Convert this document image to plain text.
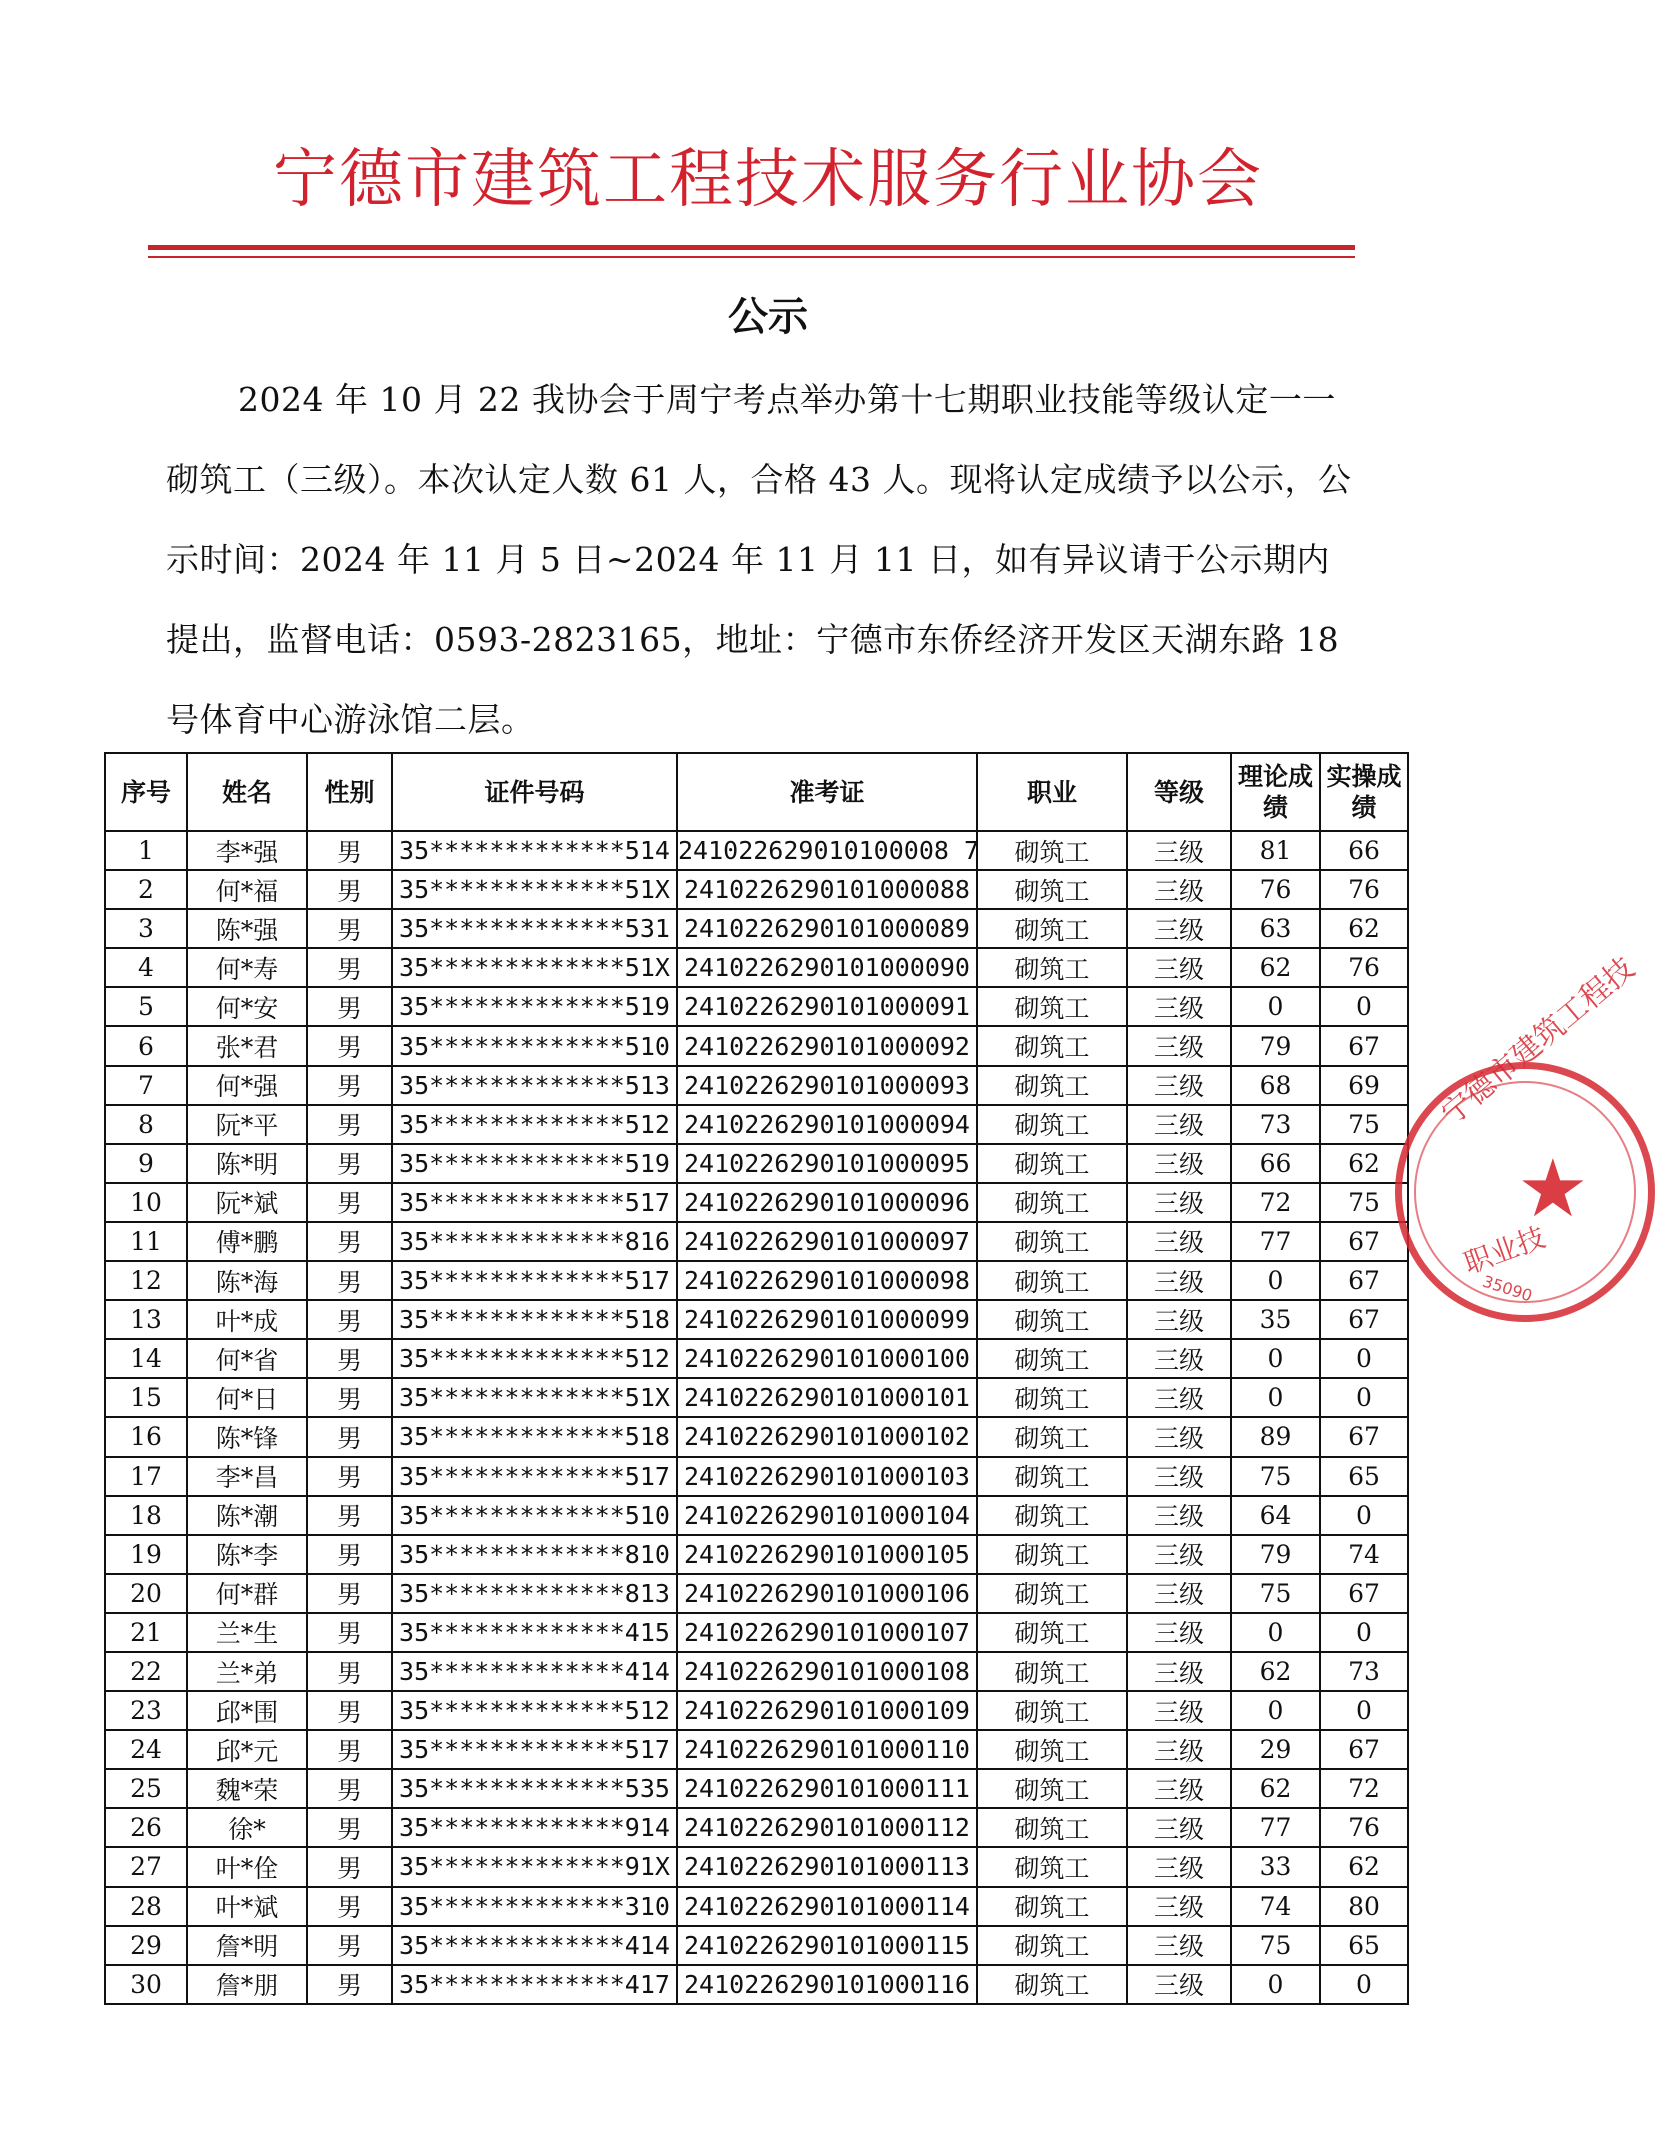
宁德市建筑工程技术服务行业协会
公示

2024 年 10 月 22 我协会于周宁考点举办第十七期职业技能等级认定一一砌筑工（三级）。本次认定人数 61 人，合格 43 人。现将认定成绩予以公示，公示时间：2024 年 11 月 5 日~2024 年 11 月 11 日，如有异议请于公示期内提出，监督电话：0593-2823165，地址：宁德市东侨经济开发区天湖东路 18 号体育中心游泳馆二层。

序号	姓名	性别	证件号码	准考证	职业	等级	理论成绩	实操成绩
1	李*强	男	35*************514	241022629010100008 7	砌筑工	三级	81	66
2	何*福	男	35*************51X	2410226290101000088	砌筑工	三级	76	76
3	陈*强	男	35*************531	2410226290101000089	砌筑工	三级	63	62
4	何*寿	男	35*************51X	2410226290101000090	砌筑工	三级	62	76
5	何*安	男	35*************519	2410226290101000091	砌筑工	三级	0	0
6	张*君	男	35*************510	2410226290101000092	砌筑工	三级	79	67
7	何*强	男	35*************513	2410226290101000093	砌筑工	三级	68	69
8	阮*平	男	35*************512	2410226290101000094	砌筑工	三级	73	75
9	陈*明	男	35*************519	2410226290101000095	砌筑工	三级	66	62
10	阮*斌	男	35*************517	2410226290101000096	砌筑工	三级	72	75
11	傅*鹏	男	35*************816	2410226290101000097	砌筑工	三级	77	67
12	陈*海	男	35*************517	2410226290101000098	砌筑工	三级	0	67
13	叶*成	男	35*************518	2410226290101000099	砌筑工	三级	35	67
14	何*省	男	35*************512	2410226290101000100	砌筑工	三级	0	0
15	何*日	男	35*************51X	2410226290101000101	砌筑工	三级	0	0
16	陈*锋	男	35*************518	2410226290101000102	砌筑工	三级	89	67
17	李*昌	男	35*************517	2410226290101000103	砌筑工	三级	75	65
18	陈*潮	男	35*************510	2410226290101000104	砌筑工	三级	64	0
19	陈*李	男	35*************810	2410226290101000105	砌筑工	三级	79	74
20	何*群	男	35*************813	2410226290101000106	砌筑工	三级	75	67
21	兰*生	男	35*************415	2410226290101000107	砌筑工	三级	0	0
22	兰*弟	男	35*************414	2410226290101000108	砌筑工	三级	62	73
23	邱*围	男	35*************512	2410226290101000109	砌筑工	三级	0	0
24	邱*元	男	35*************517	2410226290101000110	砌筑工	三级	29	67
25	魏*荣	男	35*************535	2410226290101000111	砌筑工	三级	62	72
26	徐*	男	35*************914	2410226290101000112	砌筑工	三级	77	76
27	叶*佺	男	35*************91X	2410226290101000113	砌筑工	三级	33	62
28	叶*斌	男	35*************310	2410226290101000114	砌筑工	三级	74	80
29	詹*明	男	35*************414	2410226290101000115	砌筑工	三级	75	65
30	詹*朋	男	35*************417	2410226290101000116	砌筑工	三级	0	0
宁德市建筑工程技
★
职业技
35090
